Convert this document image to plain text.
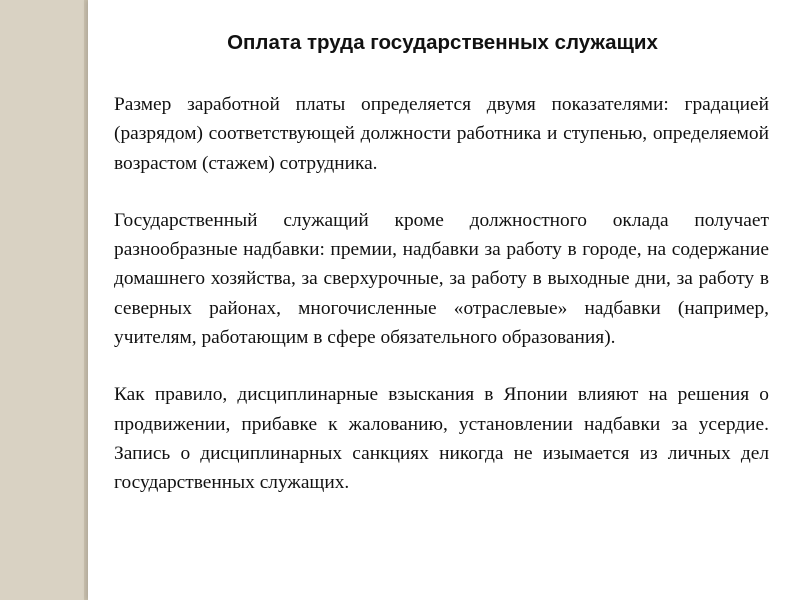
Оплата труда государственных служащих

Размер заработной платы определяется двумя показателями: градацией (разрядом) соответствующей должности работника и ступенью, определяемой возрастом (стажем) сотрудника.

Государственный служащий кроме должностного оклада получает разнообразные надбавки: премии, надбавки за работу в городе, на содержание домашнего хозяйства, за сверхурочные, за работу в выходные дни, за работу в северных районах, многочисленные «отраслевые» надбавки (например, учителям, работающим в сфере обязательного образования).

Как правило, дисциплинарные взыскания в Японии влияют на решения о продвижении, прибавке к жалованию, установлении надбавки за усердие. Запись о дисциплинарных санкциях никогда не изымается из личных дел государственных служащих.
